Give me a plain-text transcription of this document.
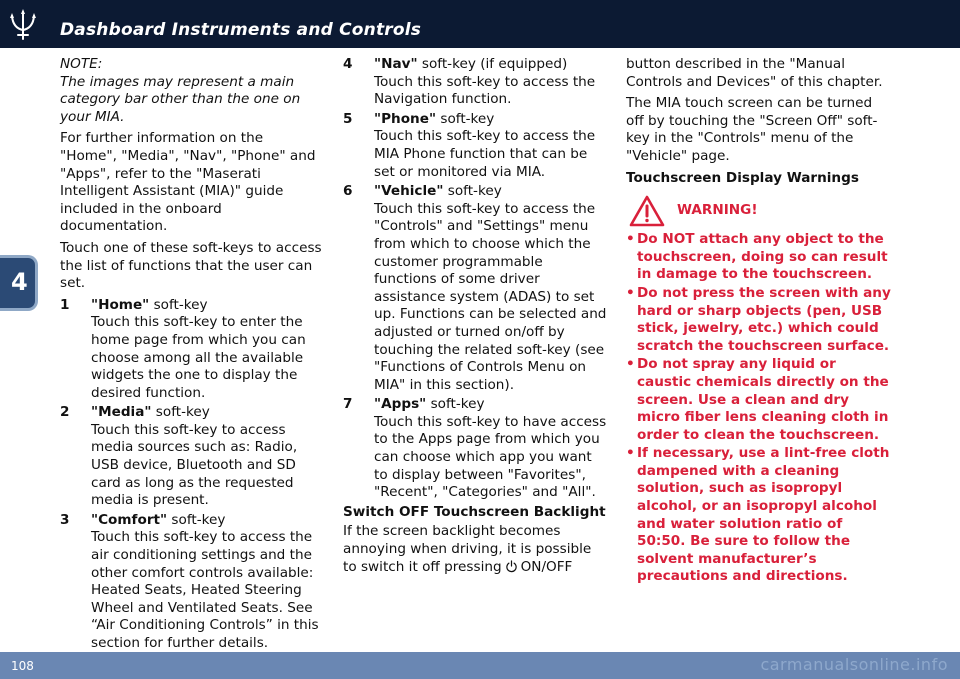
Dashboard Instruments and Controls
4

NOTE:
The images may represent a main category bar other than the one on your MIA.

For further information on the "Home", "Media", "Nav", "Phone" and "Apps", refer to the "Maserati Intelligent Assistant (MIA)" guide included in the onboard documentation.

Touch one of these soft-keys to access the list of functions that the user can set.

1	"Home" soft-key
Touch this soft-key to enter the home page from which you can choose among all the available widgets the one to display the desired function.
2	"Media" soft-key
Touch this soft-key to access media sources such as: Radio, USB device, Bluetooth and SD card as long as the requested media is present.
3	"Comfort" soft-key
Touch this soft-key to access the air conditioning settings and the other comfort controls available: Heated Seats, Heated Steering Wheel and Ventilated Seats. See “Air Conditioning Controls” in this section for further details.
4	"Nav" soft-key (if equipped)
Touch this soft-key to access the Navigation function.
5	"Phone" soft-key
Touch this soft-key to access the MIA Phone function that can be set or monitored via MIA.
6	"Vehicle" soft-key
Touch this soft-key to access the "Controls" and "Settings" menu from which to choose which the customer programmable functions of some driver assistance system (ADAS) to set up. Functions can be selected and adjusted or turned on/off by touching the related soft-key (see "Functions of Controls Menu on MIA" in this section).
7	"Apps" soft-key
Touch this soft-key to have access to the Apps page from which you can choose which app you want to display between "Favorites", "Recent", "Categories" and "All".
Switch OFF Touchscreen Backlight

If the screen backlight becomes annoying when driving, it is possible to switch it off pressing ON/OFF

button described in the "Manual Controls and Devices" of this chapter.

The MIA touch screen can be turned off by touching the "Screen Off" soft-key in the "Controls" menu of the "Vehicle" page.

Touchscreen Display Warnings
WARNING!
• Do NOT attach any object to the touchscreen, doing so can result in damage to the touchscreen.
• Do not press the screen with any hard or sharp objects (pen, USB stick, jewelry, etc.) which could scratch the touchscreen surface.
• Do not spray any liquid or caustic chemicals directly on the screen. Use a clean and dry micro fiber lens cleaning cloth in order to clean the touchscreen.
• If necessary, use a lint-free cloth dampened with a cleaning solution, such as isopropyl alcohol, or an isopropyl alcohol and water solution ratio of 50:50. Be sure to follow the solvent manufacturer’s precautions and directions.
108	carmanualsonline.info
